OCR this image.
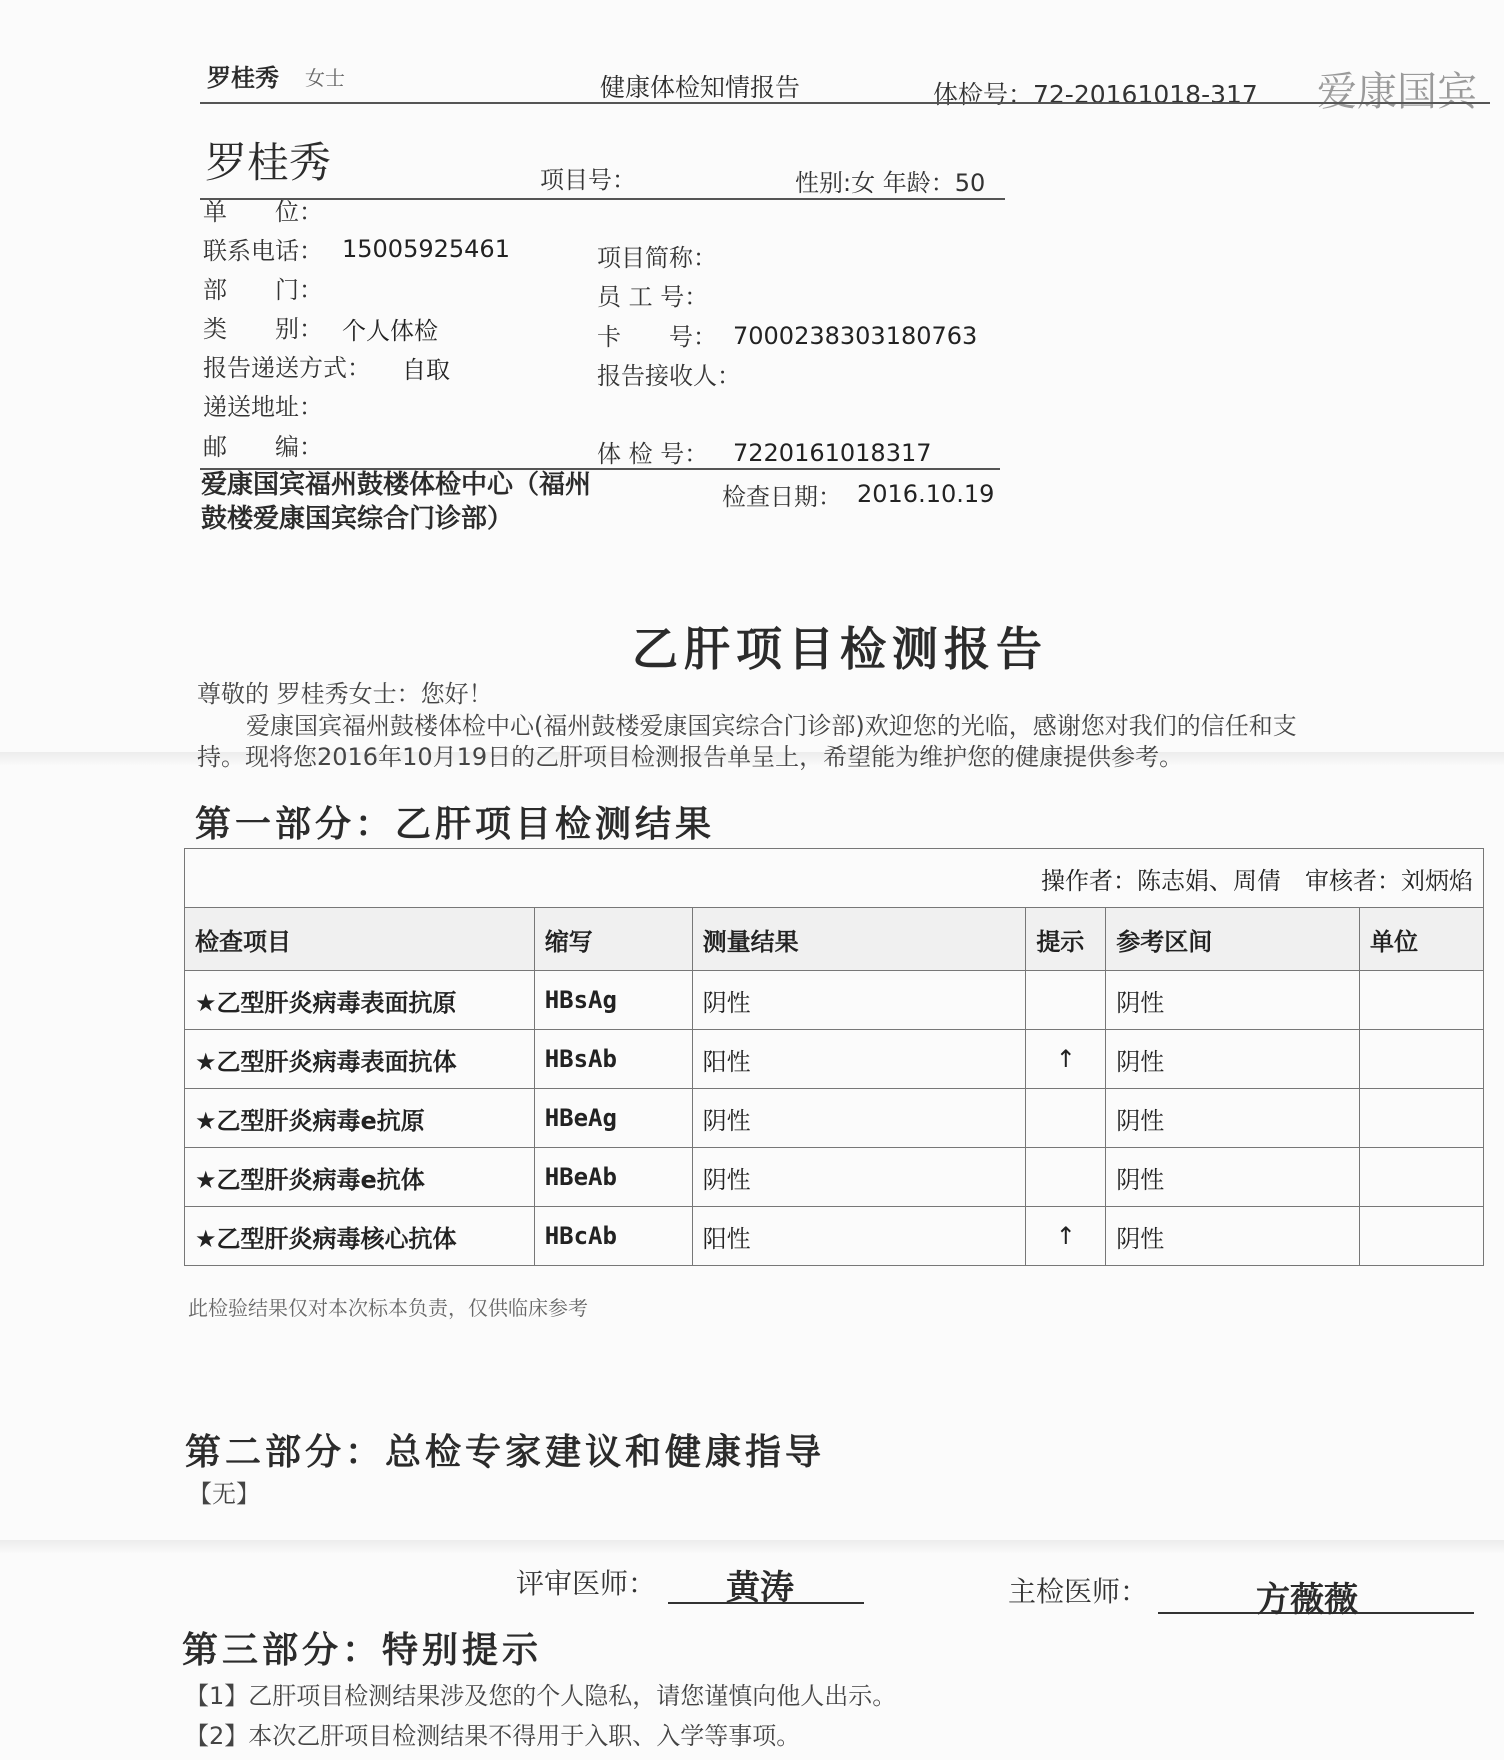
罗桂秀 女士	健康体检知情报告	体检号：72-20161018-317 爱康国宾
罗桂秀	项目号：	性别:女 年龄：50
单　　位：
联系电话： 15005925461
部　　门：
类　　别： 个人体检
报告递送方式： 自取
递送地址：
邮　　编：
项目简称：
员 工 号：
卡　　号： 7000238303180763
报告接收人：
体 检 号： 7220161018317
检查日期： 2016.10.19
爱康国宾福州鼓楼体检中心（福州鼓楼爱康国宾综合门诊部）
乙肝项目检测报告
尊敬的 罗桂秀女士：您好！
爱康国宾福州鼓楼体检中心(福州鼓楼爱康国宾综合门诊部)欢迎您的光临，感谢您对我们的信任和支
持。现将您2016年10月19日的乙肝项目检测报告单呈上，希望能为维护您的健康提供参考。
第一部分：乙肝项目检测结果
操作者：陈志娟、周倩　审核者：刘炳焰					
检查项目	缩写	测量结果	提示	参考区间	单位
★乙型肝炎病毒表面抗原	HBsAg	阴性		阴性	
★乙型肝炎病毒表面抗体	HBsAb	阳性	↑	阴性	
★乙型肝炎病毒e抗原	HBeAg	阴性		阴性	
★乙型肝炎病毒e抗体	HBeAb	阴性		阴性	
★乙型肝炎病毒核心抗体	HBcAb	阳性	↑	阴性	
此检验结果仅对本次标本负责，仅供临床参考
第二部分：总检专家建议和健康指导
【无】
评审医师： 黄涛	主检医师：	方薇薇
第三部分：特别提示
【1】乙肝项目检测结果涉及您的个人隐私，请您谨慎向他人出示。
【2】本次乙肝项目检测结果不得用于入职、入学等事项。
